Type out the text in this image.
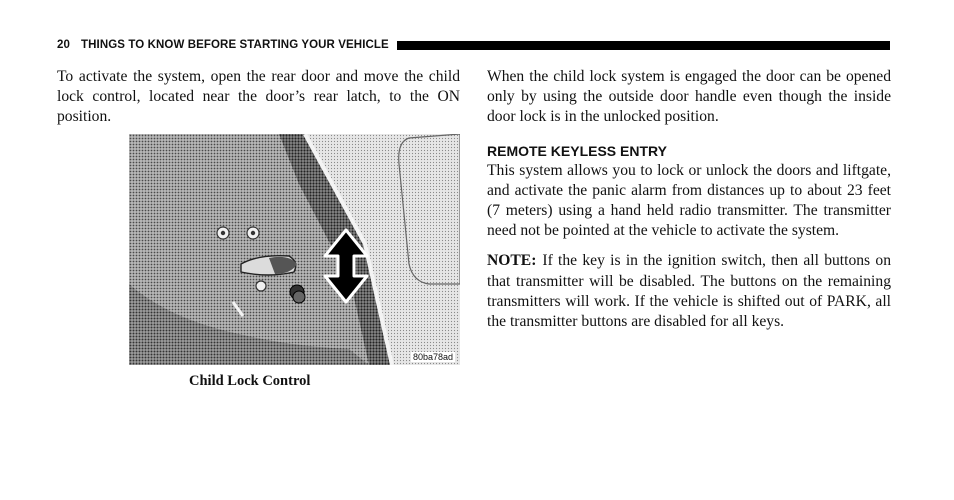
20 THINGS TO KNOW BEFORE STARTING YOUR VEHICLE

To activate the system, open the rear door and move the child lock control, located near the door’s rear latch, to the ON position.

80ba78ad
Child Lock Control

When the child lock system is engaged the door can be opened only by using the outside door handle even though the inside door lock is in the unlocked position.

REMOTE KEYLESS ENTRY

This system allows you to lock or unlock the doors and liftgate, and activate the panic alarm from distances up to about 23 feet (7 meters) using a hand held radio transmitter. The transmitter need not be pointed at the vehicle to activate the system.

NOTE: If the key is in the ignition switch, then all buttons on that transmitter will be disabled. The buttons on the remaining transmitters will work. If the vehicle is shifted out of PARK, all the transmitter buttons are disabled for all keys.
